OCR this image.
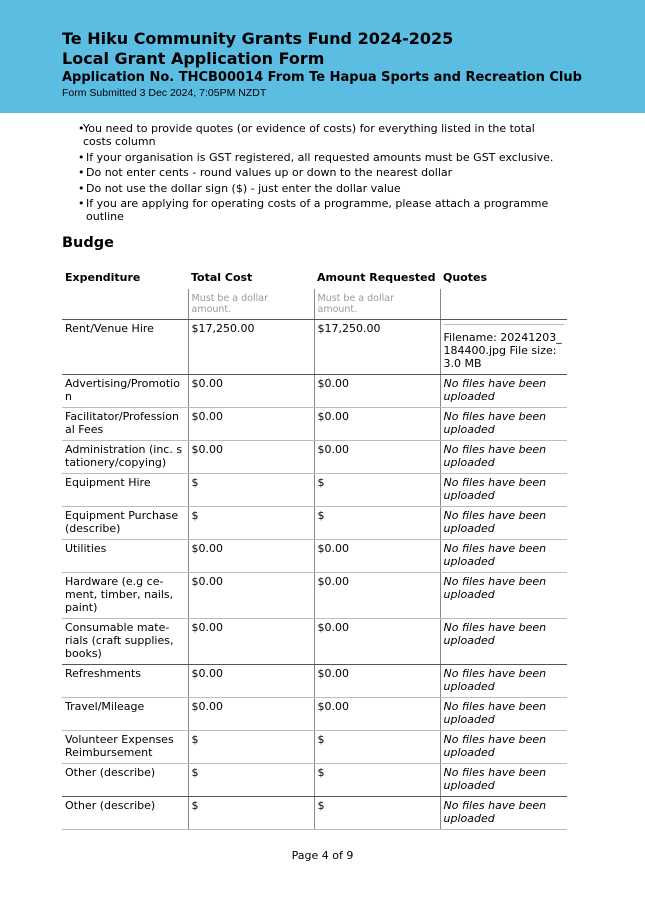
Te Hiku Community Grants Fund 2024-2025
Local Grant Application Form
Application No. THCB00014 From Te Hapua Sports and Recreation Club
Form Submitted 3 Dec 2024, 7:05PM NZDT
• You need to provide quotes (or evidence of costs) for everything listed in the total costs column
• If your organisation is GST registered, all requested amounts must be GST exclusive.
• Do not enter cents - round values up or down to the nearest dollar
• Do not use the dollar sign ($) - just enter the dollar value
• If you are applying for operating costs of a programme, please attach a programme outline
Budge
Expenditure	Total Cost	Amount Requested	Quotes
	Must be a dollar amount.	Must be a dollar amount.	
Rent/Venue Hire	$17,250.00	$17,250.00	Filename: 20241203_ 184400.jpg File size: 3.0 MB

Advertising/Promotio n	$0.00	$0.00	No files have been uploaded
Facilitator/Profession al Fees	$0.00	$0.00	No files have been uploaded
Administration (inc. s tationery/copying)	$0.00	$0.00	No files have been uploaded
Equipment Hire	$	$	No files have been uploaded
Equipment Purchase (describe)	$	$	No files have been uploaded
Utilities	$0.00	$0.00	No files have been uploaded
Hardware (e.g ce- ment, timber, nails, paint)	$0.00	$0.00	No files have been uploaded
Consumable mate- rials (craft supplies, books)	$0.00	$0.00	No files have been uploaded
Refreshments	$0.00	$0.00	No files have been uploaded
Travel/Mileage	$0.00	$0.00	No files have been uploaded
Volunteer Expenses Reimbursement	$	$	No files have been uploaded
Other (describe)	$	$	No files have been uploaded
Other (describe)	$	$	No files have been uploaded
Page 4 of 9
